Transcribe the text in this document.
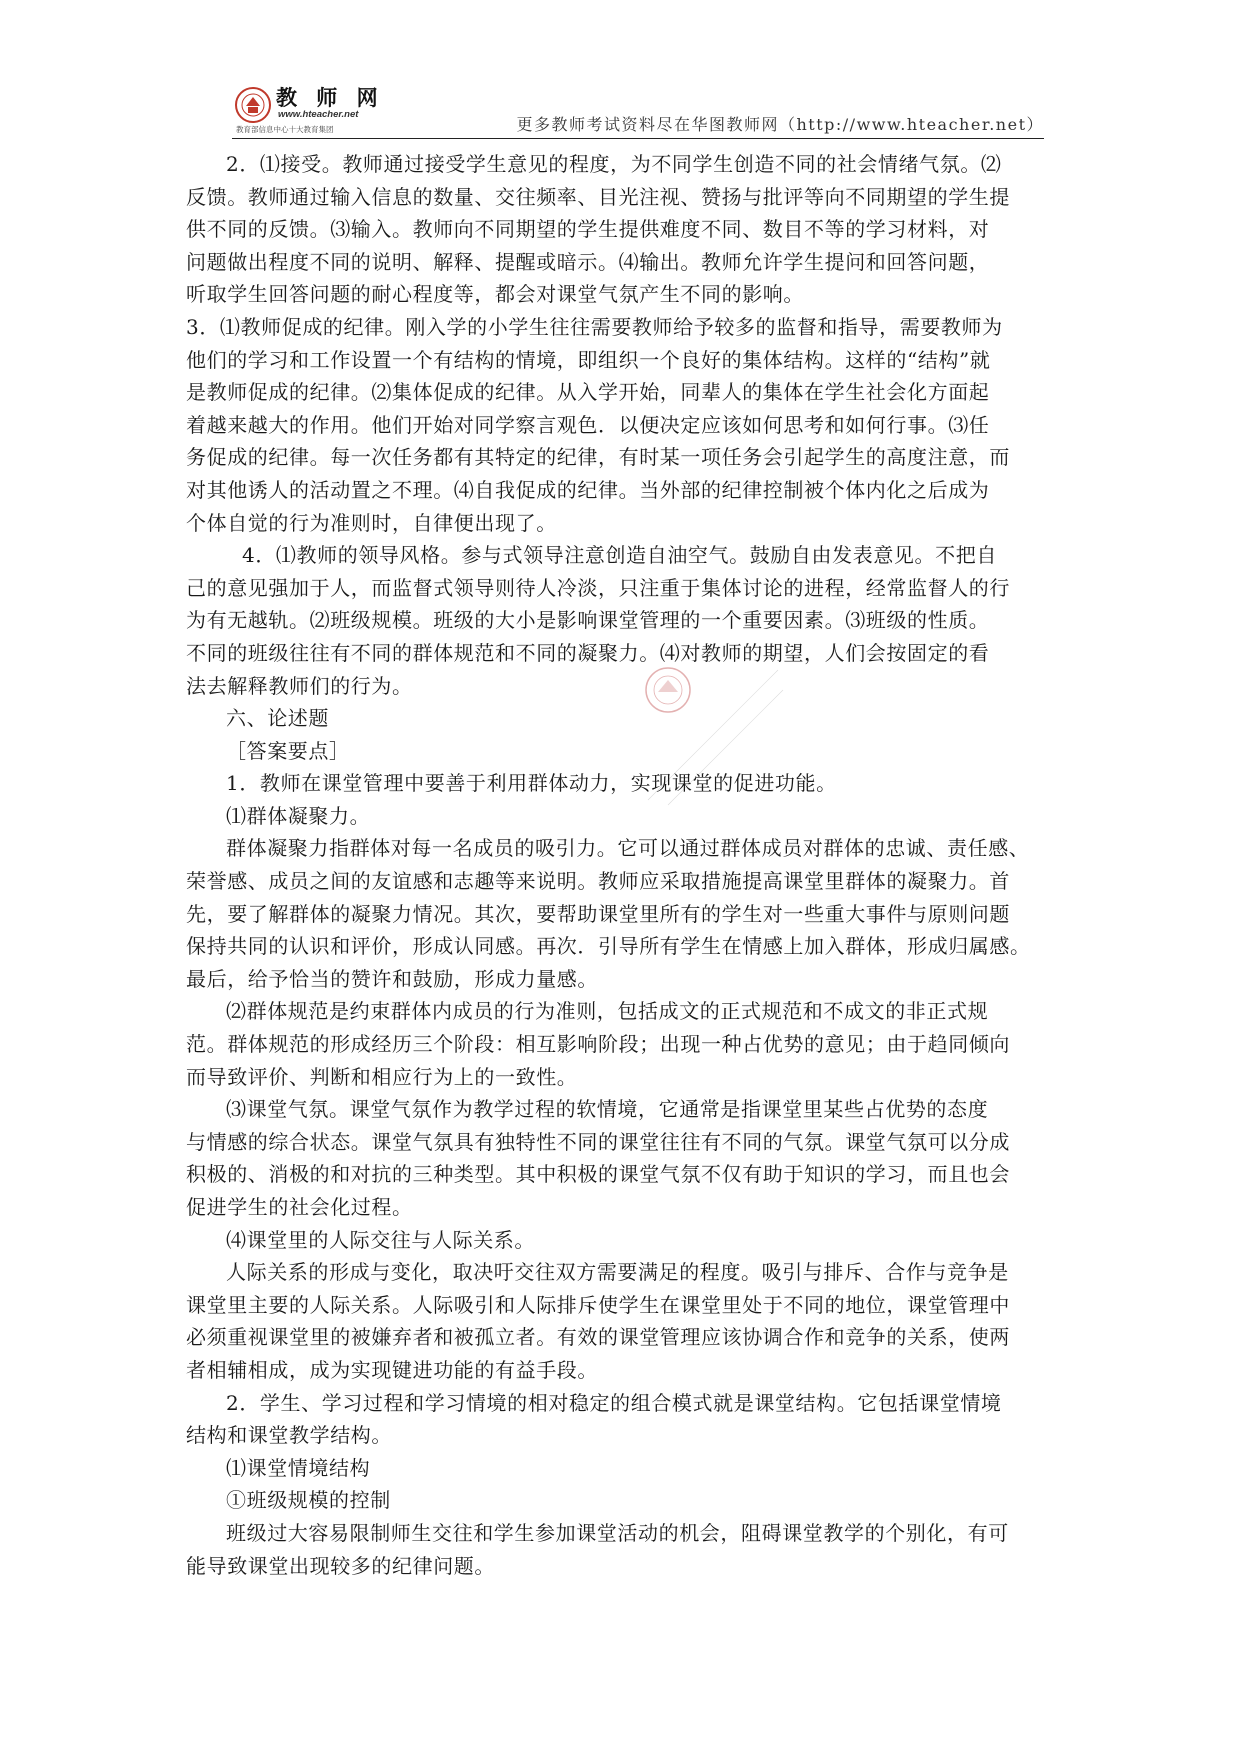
教 师 网
www.hteacher.net
教育部信息中心十大教育集团	更多教师考试资料尽在华图教师网（http://www.hteacher.net）
2．⑴接受。教师通过接受学生意见的程度，为不同学生创造不同的社会情绪气氛。⑵
反馈。教师通过输入信息的数量、交往频率、目光注视、赞扬与批评等向不同期望的学生提
供不同的反馈。⑶输入。教师向不同期望的学生提供难度不同、数目不等的学习材料，对
问题做出程度不同的说明、解释、提醒或暗示。⑷输出。教师允许学生提问和回答问题，
听取学生回答问题的耐心程度等，都会对课堂气氛产生不同的影响。
3．⑴教师促成的纪律。刚入学的小学生往往需要教师给予较多的监督和指导，需要教师为
他们的学习和工作设置一个有结构的情境，即组织一个良好的集体结构。这样的“结构”就
是教师促成的纪律。⑵集体促成的纪律。从入学开始，同辈人的集体在学生社会化方面起
着越来越大的作用。他们开始对同学察言观色．以便决定应该如何思考和如何行事。⑶任
务促成的纪律。每一次任务都有其特定的纪律，有时某一项任务会引起学生的高度注意，而
对其他诱人的活动置之不理。⑷自我促成的纪律。当外部的纪律控制被个体内化之后成为
个体自觉的行为准则时，自律便出现了。
4．⑴教师的领导风格。参与式领导注意创造自油空气。鼓励自由发表意见。不把自
己的意见强加于人，而监督式领导则待人冷淡，只注重于集体讨论的进程，经常监督人的行
为有无越轨。⑵班级规模。班级的大小是影响课堂管理的一个重要因素。⑶班级的性质。
不同的班级往往有不同的群体规范和不同的凝聚力。⑷对教师的期望，人们会按固定的看
法去解释教师们的行为。
六、论述题
［答案要点］
1．教师在课堂管理中要善于利用群体动力，实现课堂的促进功能。
⑴群体凝聚力。
群体凝聚力指群体对每一名成员的吸引力。它可以通过群体成员对群体的忠诚、责任感、
荣誉感、成员之间的友谊感和志趣等来说明。教师应采取措施提高课堂里群体的凝聚力。首
先，要了解群体的凝聚力情况。其次，要帮助课堂里所有的学生对一些重大事件与原则问题
保持共同的认识和评价，形成认同感。再次．引导所有学生在情感上加入群体，形成归属感。
最后，给予恰当的赞许和鼓励，形成力量感。
⑵群体规范是约束群体内成员的行为准则，包括成文的正式规范和不成文的非正式规
范。群体规范的形成经历三个阶段：相互影响阶段；出现一种占优势的意见；由于趋同倾向
而导致评价、判断和相应行为上的一致性。
⑶课堂气氛。课堂气氛作为教学过程的软情境，它通常是指课堂里某些占优势的态度
与情感的综合状态。课堂气氛具有独特性不同的课堂往往有不同的气氛。课堂气氛可以分成
积极的、消极的和对抗的三种类型。其中积极的课堂气氛不仅有助于知识的学习，而且也会
促进学生的社会化过程。
⑷课堂里的人际交往与人际关系。
人际关系的形成与变化，取决吁交往双方需要满足的程度。吸引与排斥、合作与竞争是
课堂里主要的人际关系。人际吸引和人际排斥使学生在课堂里处于不同的地位，课堂管理中
必须重视课堂里的被嫌弃者和被孤立者。有效的课堂管理应该协调合作和竞争的关系，使两
者相辅相成，成为实现键进功能的有益手段。
2．学生、学习过程和学习情境的相对稳定的组合模式就是课堂结构。它包括课堂情境
结构和课堂教学结构。
⑴课堂情境结构
①班级规模的控制
班级过大容易限制师生交往和学生参加课堂活动的机会，阻碍课堂教学的个别化，有可
能导致课堂出现较多的纪律问题。
